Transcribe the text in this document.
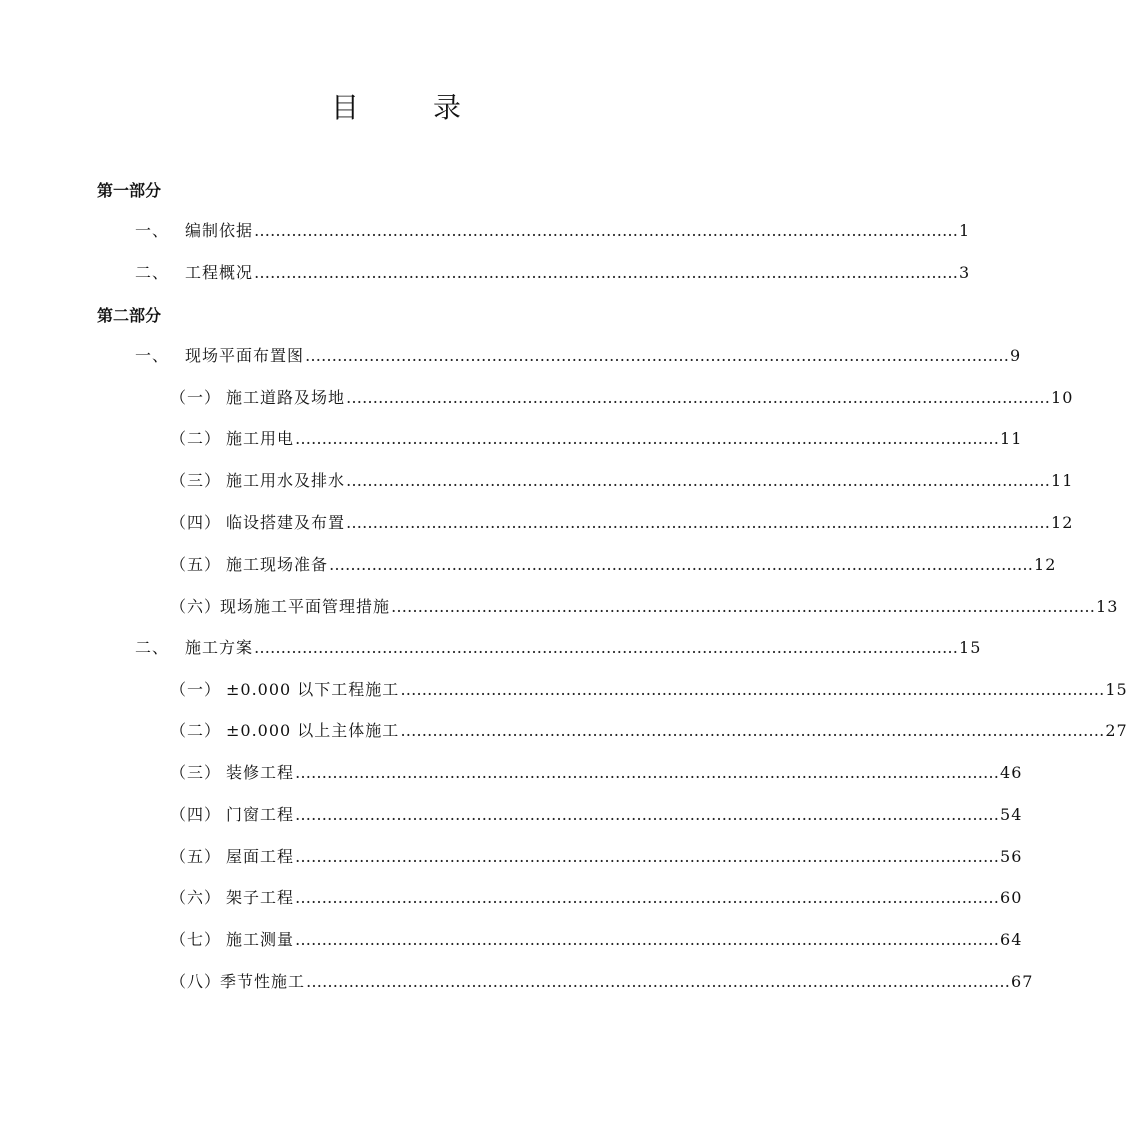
目	录
第一部分
一、 编制依据 …………………………………………………………………………………………………………………… 1
二、 工程概况 …………………………………………………………………………………………………………………… 3
第二部分
一、 现场平面布置图 …………………………………………………………………………………………………………………… 9
（一） 施工道路及场地 …………………………………………………………………………………………………………………… 10
（二） 施工用电 …………………………………………………………………………………………………………………… 11
（三） 施工用水及排水 …………………………………………………………………………………………………………………… 11
（四） 临设搭建及布置 …………………………………………………………………………………………………………………… 12
（五） 施工现场准备 …………………………………………………………………………………………………………………… 12
（六）
现场施工平面管理措施 …………………………………………………………………………………………………………………… 13
二、 施工方案 …………………………………………………………………………………………………………………… 15
（一） ±0.000 以下工程施工 …………………………………………………………………………………………………………………… 15
（二） ±0.000 以上主体施工 …………………………………………………………………………………………………………………… 27
（三） 装修工程 …………………………………………………………………………………………………………………… 46
（四） 门窗工程 …………………………………………………………………………………………………………………… 54
（五） 屋面工程 …………………………………………………………………………………………………………………… 56
（六） 架子工程 …………………………………………………………………………………………………………………… 60
（七） 施工测量 …………………………………………………………………………………………………………………… 64
（八）
季节性施工 …………………………………………………………………………………………………………………… 67
